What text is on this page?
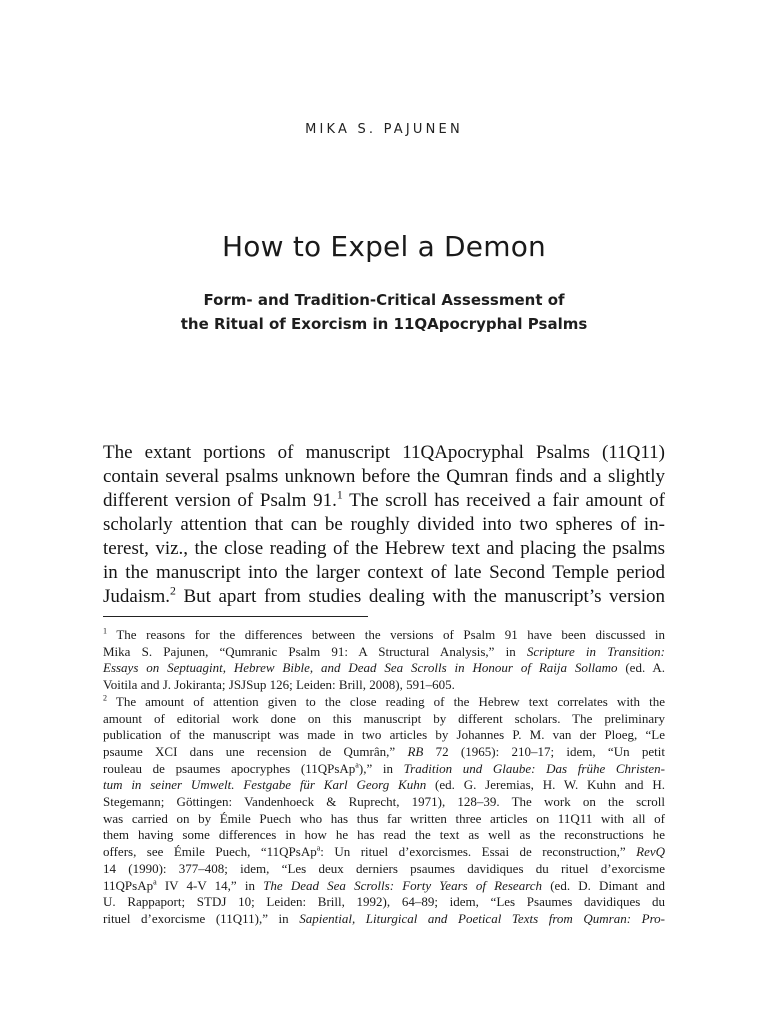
MIKA S. PAJUNEN
How to Expel a Demon
Form- and Tradition-Critical Assessment of
the Ritual of Exorcism in 11QApocryphal Psalms
The extant portions of manuscript 11QApocryphal Psalms (11Q11)
contain several psalms unknown before the Qumran finds and a slightly
different version of Psalm 91.$^1$ The scroll has received a fair amount of
scholarly attention that can be roughly divided into two spheres of in-
terest, viz., the close reading of the Hebrew text and placing the psalms
in the manuscript into the larger context of late Second Temple period
Judaism.$^2$ But apart from studies dealing with the manuscript’s version
$^1$ The reasons for the differences between the versions of Psalm 91 have been discussed in
Mika S. Pajunen, “Qumranic Psalm 91: A Structural Analysis,” in Scripture in Transition:
Essays on Septuagint, Hebrew Bible, and Dead Sea Scrolls in Honour of Raija Sollamo (ed. A.
Voitila and J. Jokiranta; JSJSup 126; Leiden: Brill, 2008), 591–605.
$^2$ The amount of attention given to the close reading of the Hebrew text correlates with the
amount of editorial work done on this manuscript by different scholars. The preliminary
publication of the manuscript was made in two articles by Johannes P. M. van der Ploeg, “Le
psaume XCI dans une recension de Qumrân,” RB 72 (1965): 210–17; idem, “Un petit
rouleau de psaumes apocryphes (11QPsAp$^a$),” in Tradition und Glaube: Das frühe Christen-
tum in seiner Umwelt. Festgabe für Karl Georg Kuhn (ed. G. Jeremias, H. W. Kuhn and H.
Stegemann; Göttingen: Vandenhoeck & Ruprecht, 1971), 128–39. The work on the scroll
was carried on by Émile Puech who has thus far written three articles on 11Q11 with all of
them having some differences in how he has read the text as well as the reconstructions he
offers, see Émile Puech, “11QPsAp$^a$: Un rituel d’exorcismes. Essai de reconstruction,” RevQ
14 (1990): 377–408; idem, “Les deux derniers psaumes davidiques du rituel d’exorcisme
11QPsAp$^a$ IV 4-V 14,” in The Dead Sea Scrolls: Forty Years of Research (ed. D. Dimant and
U. Rappaport; STDJ 10; Leiden: Brill, 1992), 64–89; idem, “Les Psaumes davidiques du
rituel d’exorcisme (11Q11),” in Sapiential, Liturgical and Poetical Texts from Qumran: Pro-
